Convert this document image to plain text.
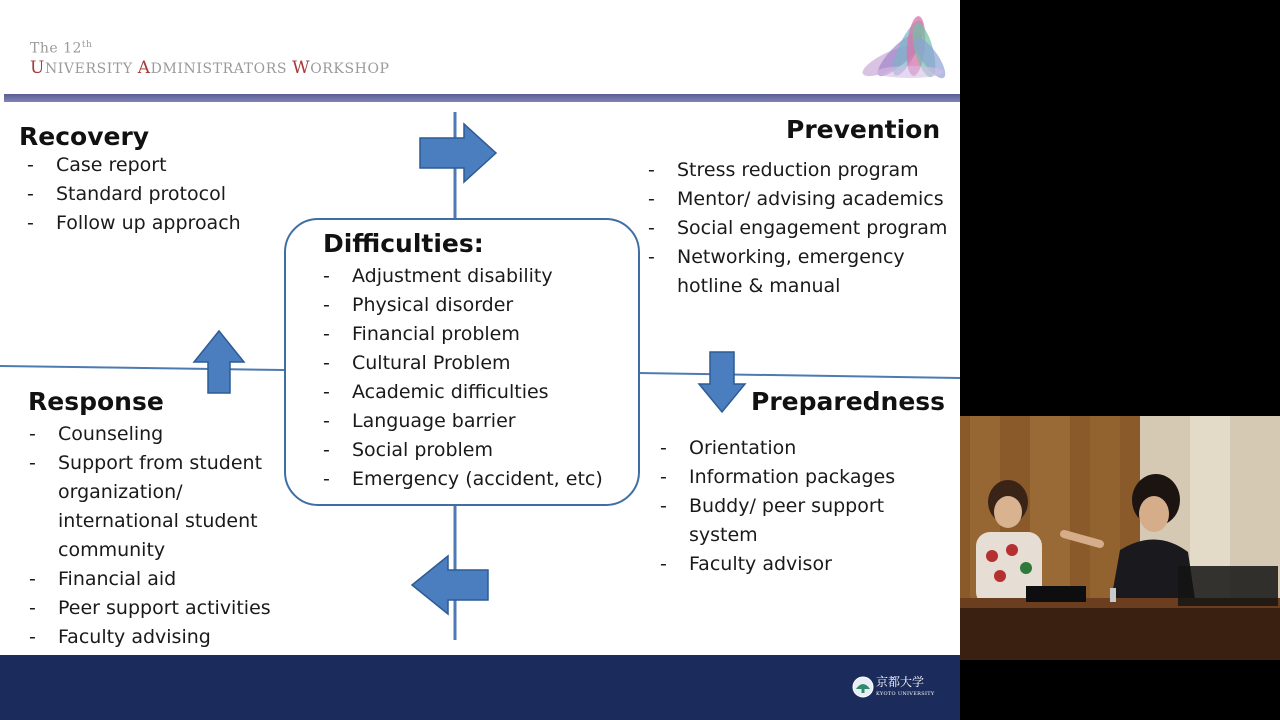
The 12th
UNIVERSITY ADMINISTRATORS WORKSHOP
Recovery
- Case report
- Standard protocol
- Follow up approach
Prevention
- Stress reduction program
- Mentor/ advising academics
- Social engagement program
- Networking, emergency hotline & manual
Response
- Counseling
- Support from student organization/ international student community
- Financial aid
- Peer support activities
- Faculty advising
Preparedness
- Orientation
- Information packages
- Buddy/ peer support system
- Faculty advisor
Difficulties:
- Adjustment disability
- Physical disorder
- Financial problem
- Cultural Problem
- Academic difficulties
- Language barrier
- Social problem
- Emergency (accident, etc)
京都大学
KYOTO UNIVERSITY
